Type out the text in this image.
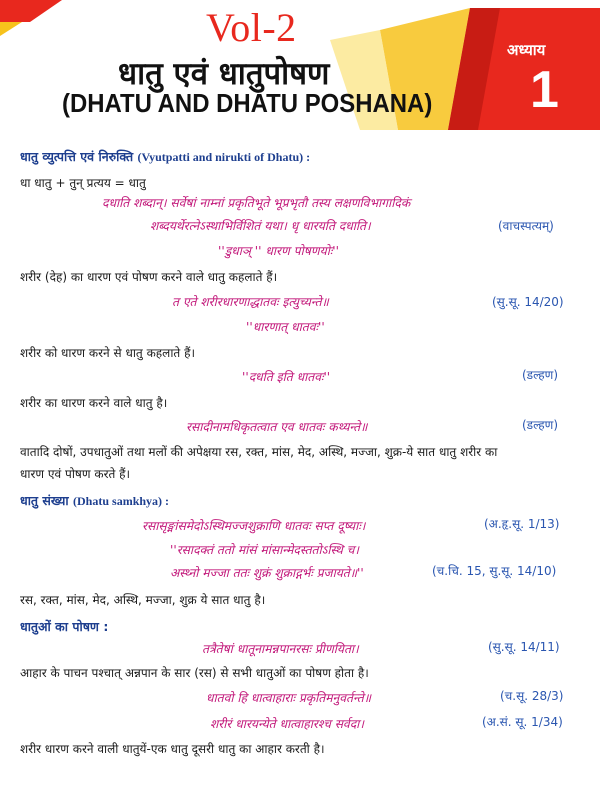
Vol-2
धातु एवं धातुपोषण
(DHATU AND DHATU POSHANA)
अध्याय
1
धातु व्युत्पत्ति एवं निरुक्ति (Vyutpatti and nirukti of Dhatu) :
धा धातु + तुन् प्रत्यय = धातु
दधाति शब्दान्। सर्वेषां नाम्नां प्रकृतिभूते भूप्रभृतौ तस्य लक्षणविभागादिकं
शब्दयर्थेरत्नेऽस्थाभिर्विशितं यथा। धृ धारयति दधाति।	(वाचस्पत्यम्)
''डुधाञ् '' धारण पोषणयोः''
शरीर (देह) का धारण एवं पोषण करने वाले धातु कहलाते हैं।
त एते शरीरधारणाद्धातवः इत्युच्यन्ते॥	(सु.सू. 14/20)
''धारणात् धातवः''
शरीर को धारण करने से धातु कहलाते हैं।
''दधति इति धातवः''	(डल्हण)
शरीर का धारण करने वाले धातु है।
रसादीनामधिकृतत्वात एव धातवः कथ्यन्ते॥	(डल्हण)
वातादि दोषों, उपधातुओं तथा मलों की अपेक्षया रस, रक्त, मांस, मेद, अस्थि, मज्जा, शुक्र-ये सात धातु शरीर का
धारण एवं पोषण करते हैं।
धातु संख्या (Dhatu samkhya) :
रसासृङ्मांसमेदोऽस्थिमज्जशुक्राणि धातवः सप्त दूष्याः।	(अ.हृ.सू. 1/13)
''रसादक्तं ततो मांसं मांसान्मेदस्ततोऽस्थि च।
अस्थ्नो मज्जा ततः शुक्रं शुक्राद्गर्भः प्रजायते॥''	(च.चि. 15, सु.सू. 14/10)
रस, रक्त, मांस, मेद, अस्थि, मज्जा, शुक्र ये सात धातु है।
धातुओं का पोषण :
तत्रैतेषां धातूनामन्नपानरसः प्रीणयिता।	(सु.सू. 14/11)
आहार के पाचन पश्चात् अन्नपान के सार (रस) से सभी धातुओं का पोषण होता है।
धातवो हि धात्वाहाराः प्रकृतिमनुवर्तन्ते॥	(च.सू. 28/3)
शरीरं धारयन्येते धात्वाहारश्च सर्वदा।	(अ.सं. सू. 1/34)
शरीर धारण करने वाली धातुयें-एक धातु दूसरी धातु का आहार करती है।
